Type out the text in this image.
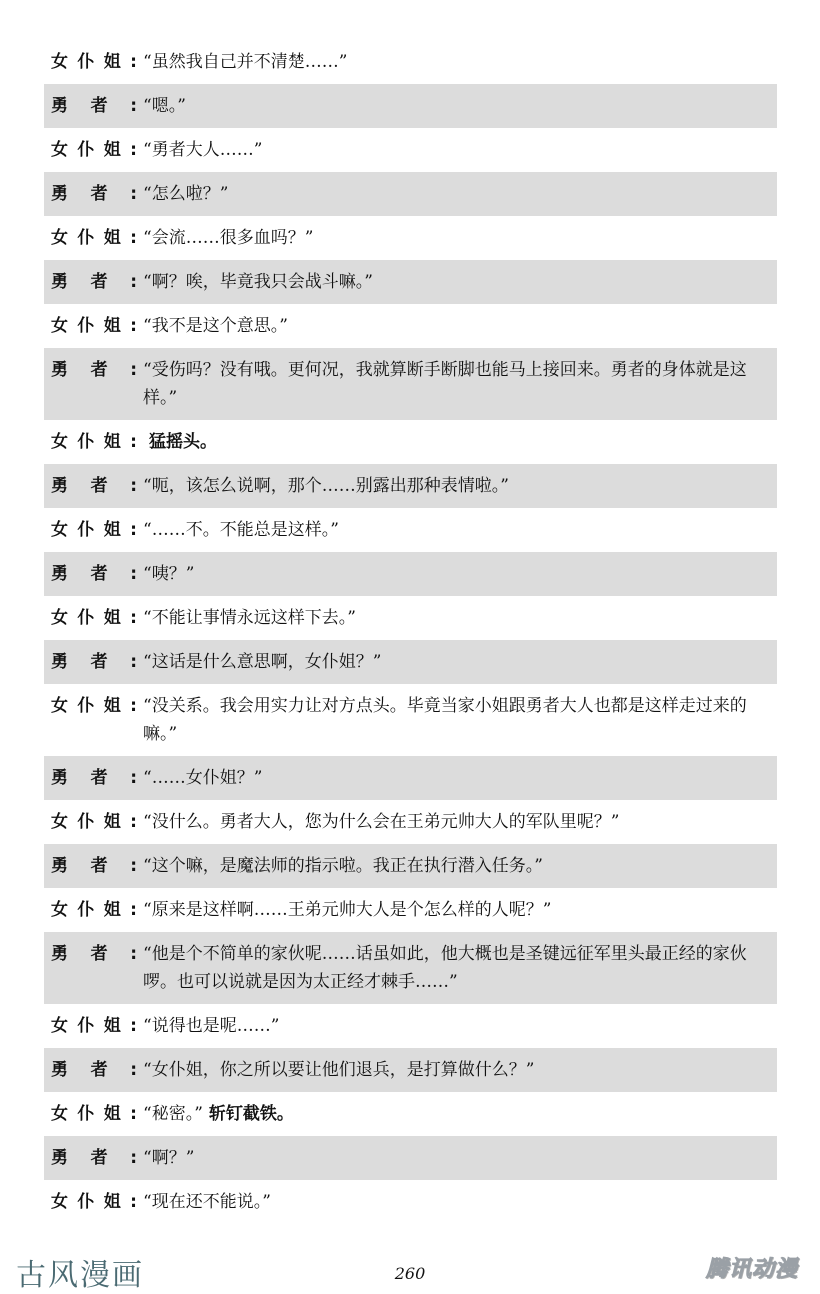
女 仆 姐 : “虽然我自己并不清楚……”
勇 者 : “嗯。”
女 仆 姐 : “勇者大人……”
勇 者 : “怎么啦？”
女 仆 姐 : “会流……很多血吗？”
勇 者 : “啊？唉，毕竟我只会战斗嘛。”
女 仆 姐 : “我不是这个意思。”
勇 者 : “受伤吗？没有哦。更何况，我就算断手断脚也能马上接回来。勇者的身体就是这样。”
女 仆 姐 : 猛摇头。
勇 者 : “呃，该怎么说啊，那个……别露出那种表情啦。”
女 仆 姐 : “……不。不能总是这样。”
勇 者 : “咦？”
女 仆 姐 : “不能让事情永远这样下去。”
勇 者 : “这话是什么意思啊，女仆姐？”
女 仆 姐 : “没关系。我会用实力让对方点头。毕竟当家小姐跟勇者大人也都是这样走过来的嘛。”
勇 者 : “……女仆姐？”
女 仆 姐 : “没什么。勇者大人，您为什么会在王弟元帅大人的军队里呢？”
勇 者 : “这个嘛，是魔法师的指示啦。我正在执行潜入任务。”
女 仆 姐 : “原来是这样啊……王弟元帅大人是个怎么样的人呢？”
勇 者 : “他是个不简单的家伙呢……话虽如此，他大概也是圣键远征军里头最正经的家伙啰。也可以说就是因为太正经才棘手……”
女 仆 姐 : “说得也是呢……”
勇 者 : “女仆姐，你之所以要让他们退兵，是打算做什么？”
女 仆 姐 : “秘密。” 斩钉截铁。
勇 者 : “啊？”
女 仆 姐 : “现在还不能说。”
260
古风漫画	腾讯动漫
